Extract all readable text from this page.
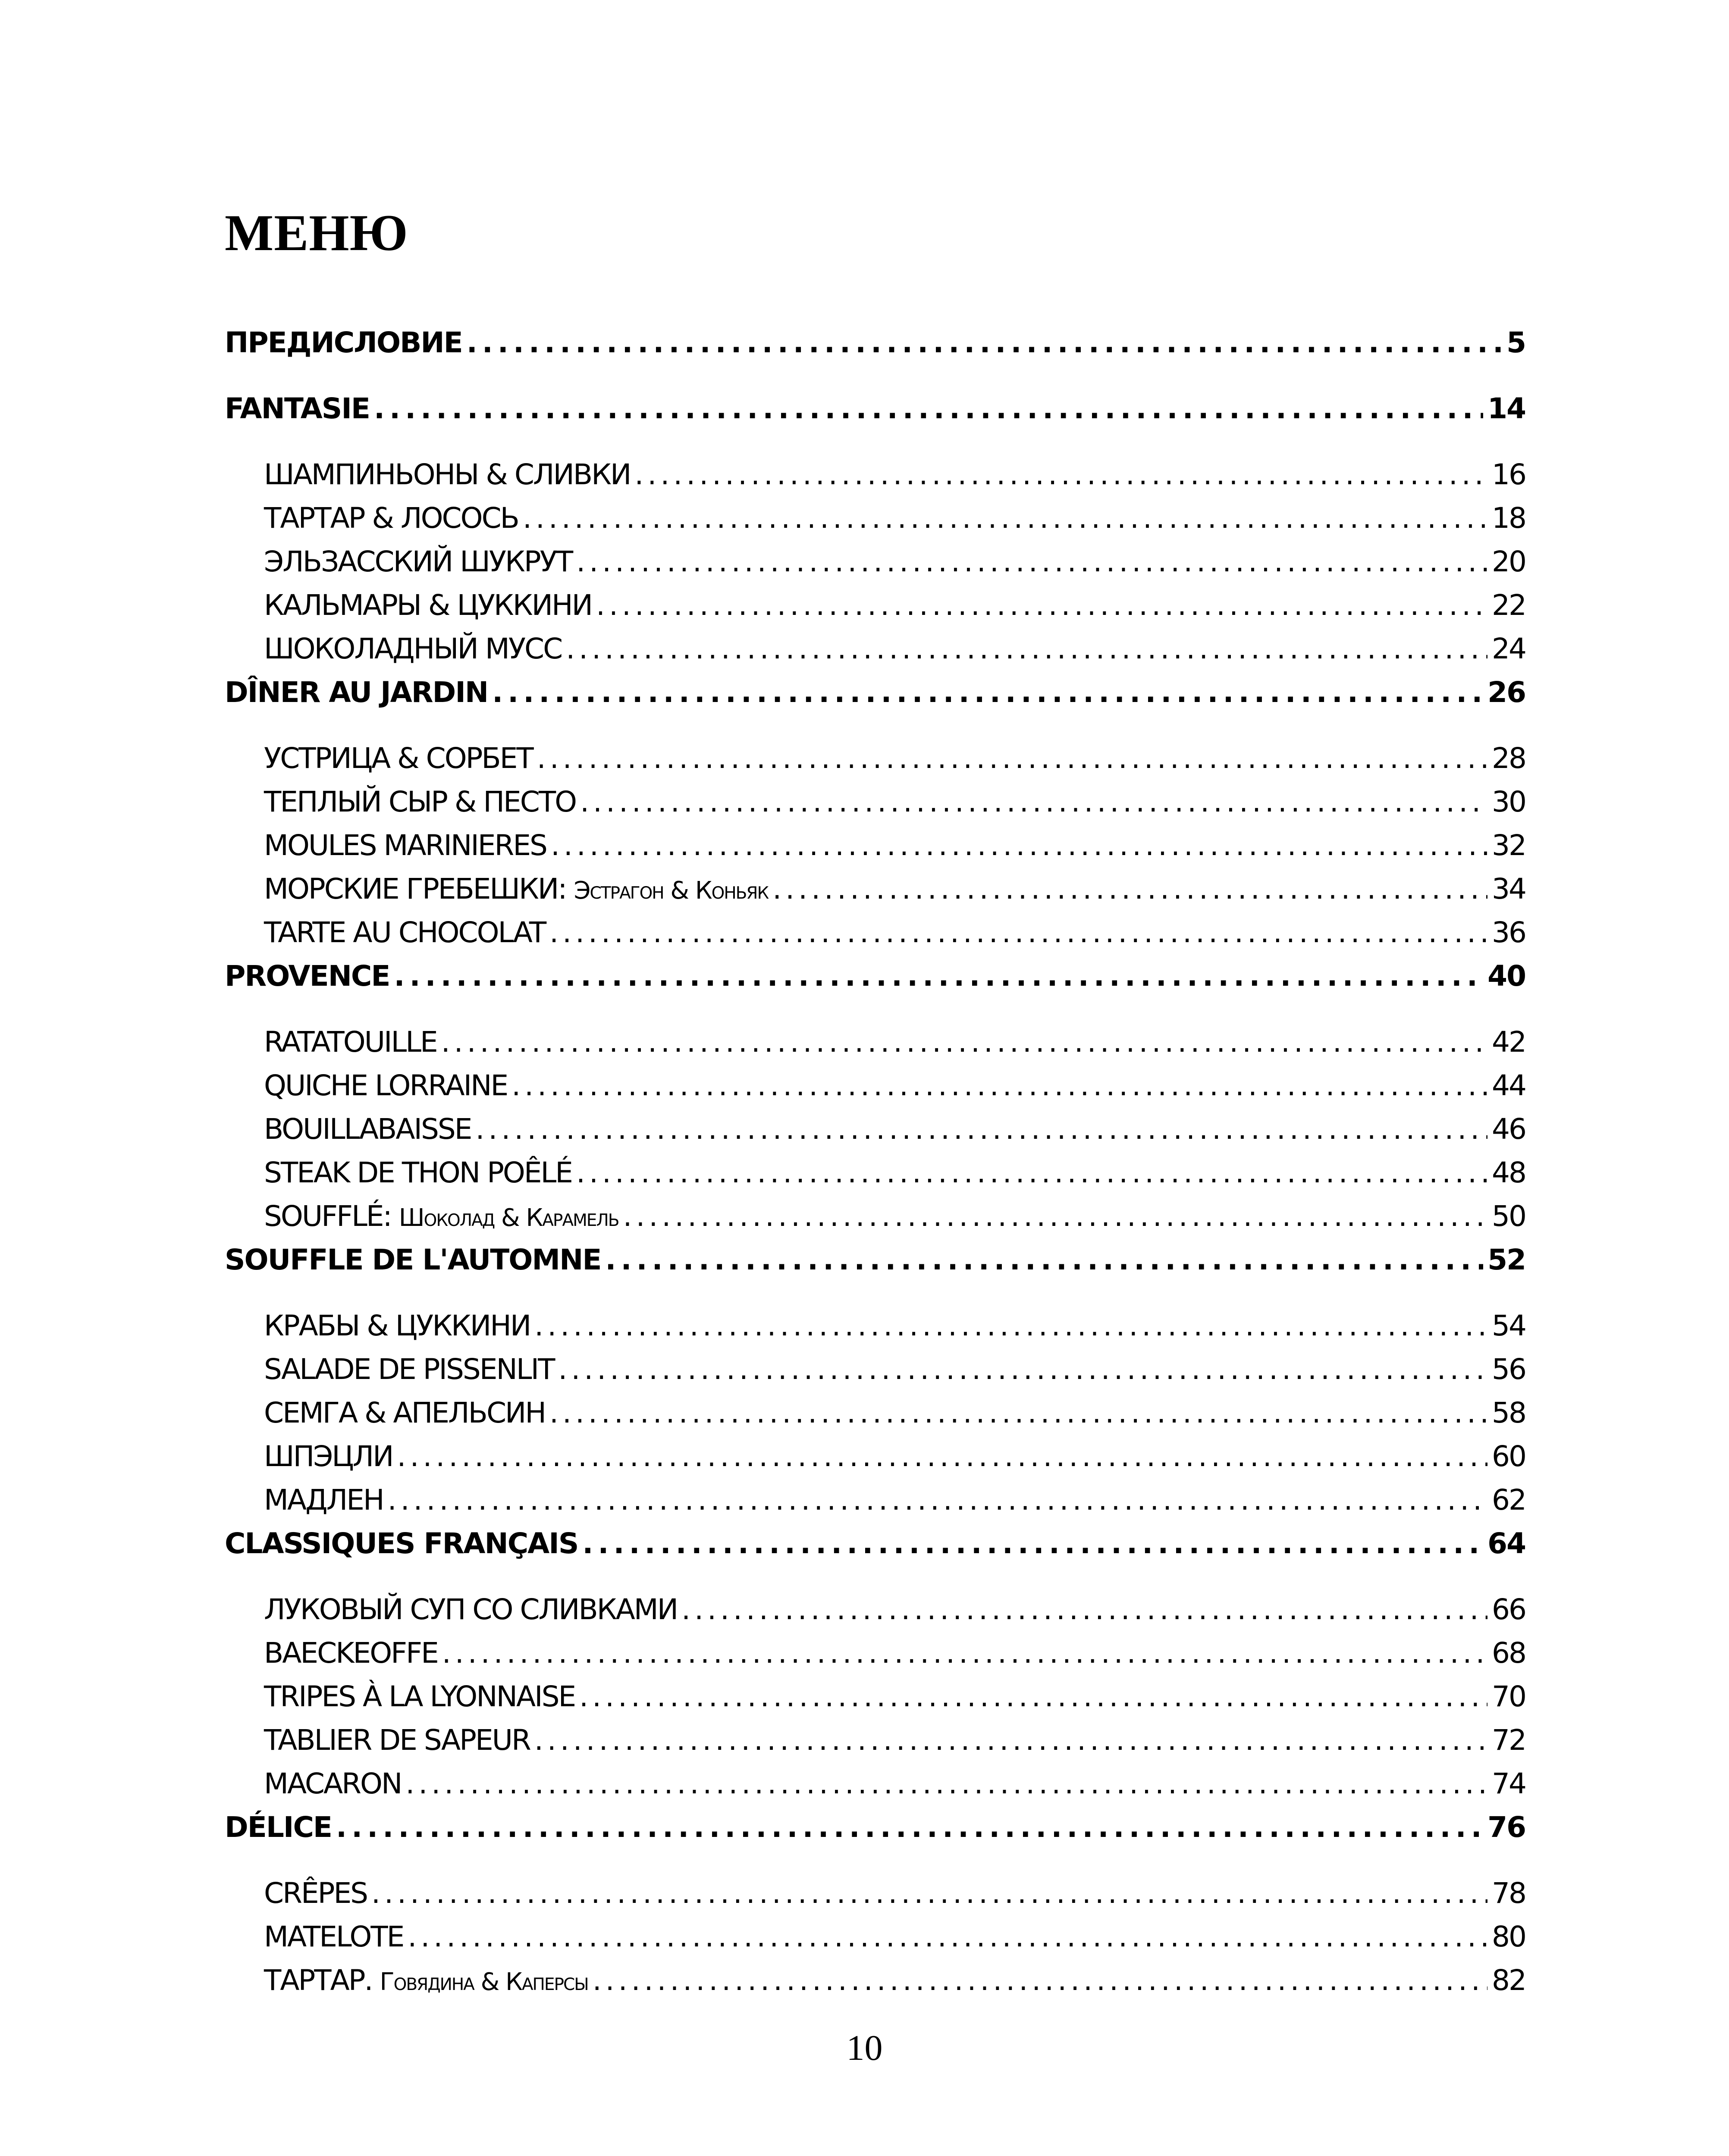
МЕНЮ
ПРЕДИСЛОВИЕ . . .	5
FANTASIE . . .	14
ШАМПИНЬОНЫ & СЛИВКИ . . .	16
ТАРТАР & ЛОСОСЬ . . .	18
ЭЛЬЗАССКИЙ ШУКРУТ . . .	20
КАЛЬМАРЫ & ЦУККИНИ . . .	22
ШОКОЛАДНЫЙ МУСС . . .	24
DÎNER AU JARDIN . . .	26
УСТРИЦА & СОРБЕТ . . .	28
ТЕПЛЫЙ СЫР & ПЕСТО . . .	30
MOULES MARINIERES . . .	32
МОРСКИЕ ГРЕБЕШКИ: Эстрагон & Коньяк . . .	34
TARTE AU CHOCOLAT . . .	36
PROVENCE . . .	40
RATATOUILLE . . .	42
QUICHE LORRAINE . . .	44
BOUILLABAISSE . . .	46
STEAK DE THON POÊLÉ . . .	48
SOUFFLÉ: Шоколад & Карамель . . .	50
SOUFFLE DE L'AUTOMNE . . .	52
КРАБЫ & ЦУККИНИ . . .	54
SALADE DE PISSENLIT . . .	56
СЕМГА & АПЕЛЬСИН . . .	58
ШПЭЦЛИ . . .	60
МАДЛЕН . . .	62
CLASSIQUES FRANÇAIS . . .	64
ЛУКОВЫЙ СУП СО СЛИВКАМИ . . .	66
BAECKEOFFE . . .	68
TRIPES À LA LYONNAISE . . .	70
TABLIER DE SAPEUR . . .	72
MACARON . . .	74
DÉLICE . . .	76
CRÊPES . . .	78
MATELOTE . . .	80
ТАРТАР. Говядина & Каперсы . . .	82
10
